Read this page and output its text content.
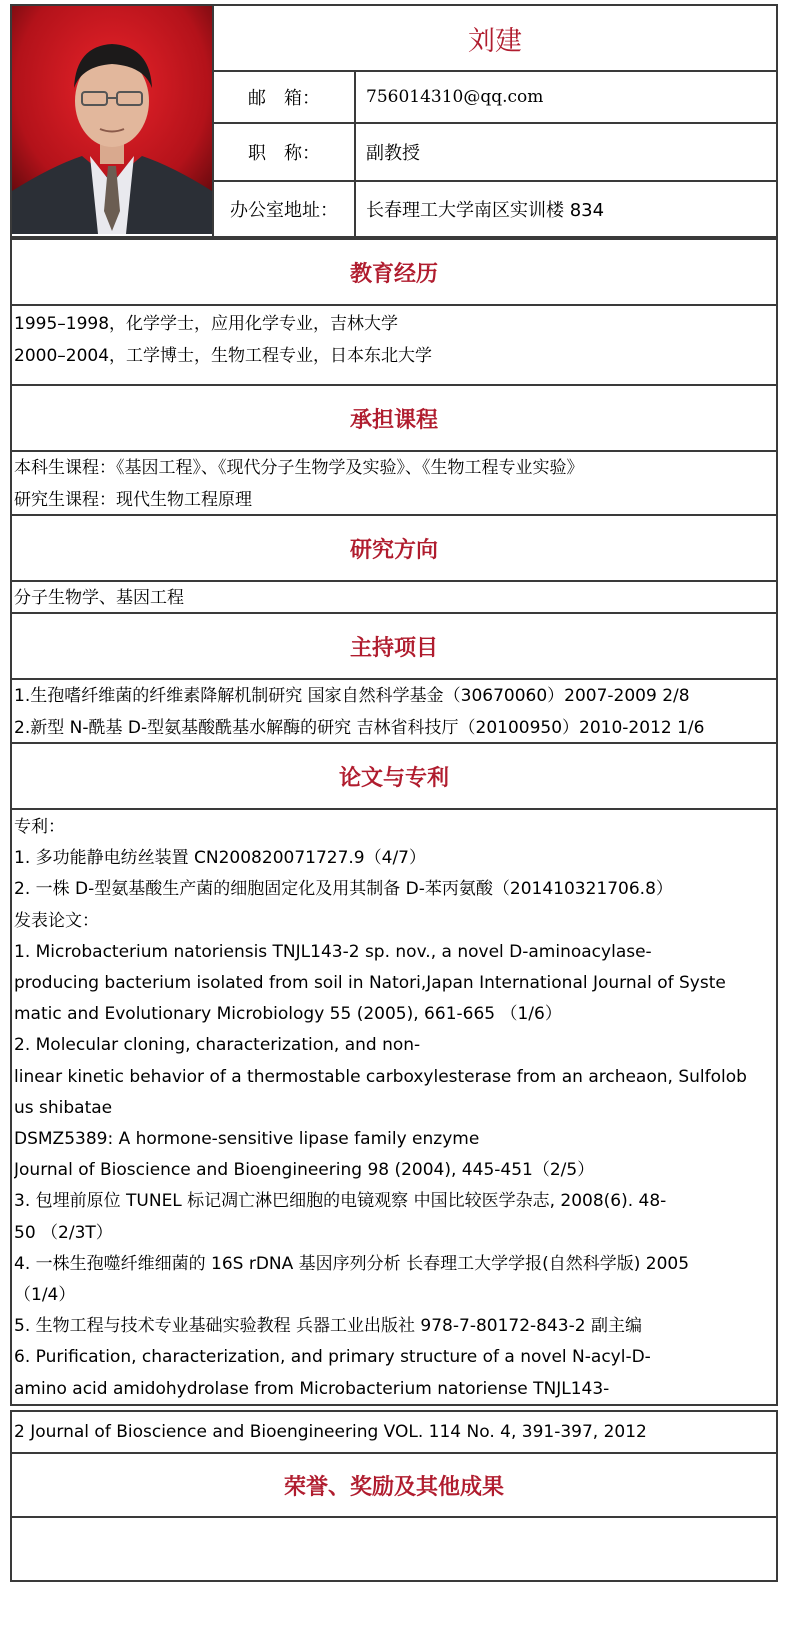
刘建
邮　箱：	756014310@qq.com
职　称：	副教授
办公室地址：	长春理工大学南区实训楼 834
教育经历
1995–1998，化学学士，应用化学专业，吉林大学
2000–2004，工学博士，生物工程专业，日本东北大学
承担课程
本科生课程：《基因工程》、《现代分子生物学及实验》、《生物工程专业实验》
研究生课程：现代生物工程原理
研究方向
分子生物学、基因工程
主持项目
1.生孢嗜纤维菌的纤维素降解机制研究 国家自然科学基金（30670060）2007-2009 2/8
2.新型 N-酰基 D-型氨基酸酰基水解酶的研究 吉林省科技厅（20100950）2010-2012 1/6
论文与专利
专利：
1. 多功能静电纺丝装置 CN200820071727.9（4/7）
2. 一株 D-型氨基酸生产菌的细胞固定化及用其制备 D-苯丙氨酸（201410321706.8）
发表论文：
1. Microbacterium natoriensis TNJL143-2 sp. nov., a novel D-aminoacylase-
producing bacterium isolated from soil in Natori,Japan International Journal of Syste
matic and Evolutionary Microbiology 55 (2005), 661-665 （1/6）
2. Molecular cloning, characterization, and non-
linear kinetic behavior of a thermostable carboxylesterase from an archeaon, Sulfolob
us shibatae
DSMZ5389: A hormone-sensitive lipase family enzyme
Journal of Bioscience and Bioengineering 98 (2004), 445-451（2/5）
3. 包埋前原位 TUNEL 标记凋亡淋巴细胞的电镜观察 中国比较医学杂志, 2008(6). 48-
50 （2/3T）
4. 一株生孢噬纤维细菌的 16S rDNA 基因序列分析 长春理工大学学报(自然科学版) 2005
（1/4）
5. 生物工程与技术专业基础实验教程 兵器工业出版社 978-7-80172-843-2 副主编
6. Purification, characterization, and primary structure of a novel N-acyl-D-
amino acid amidohydrolase from Microbacterium natoriense TNJL143-
2 Journal of Bioscience and Bioengineering VOL. 114 No. 4, 391-397, 2012
荣誉、奖励及其他成果
